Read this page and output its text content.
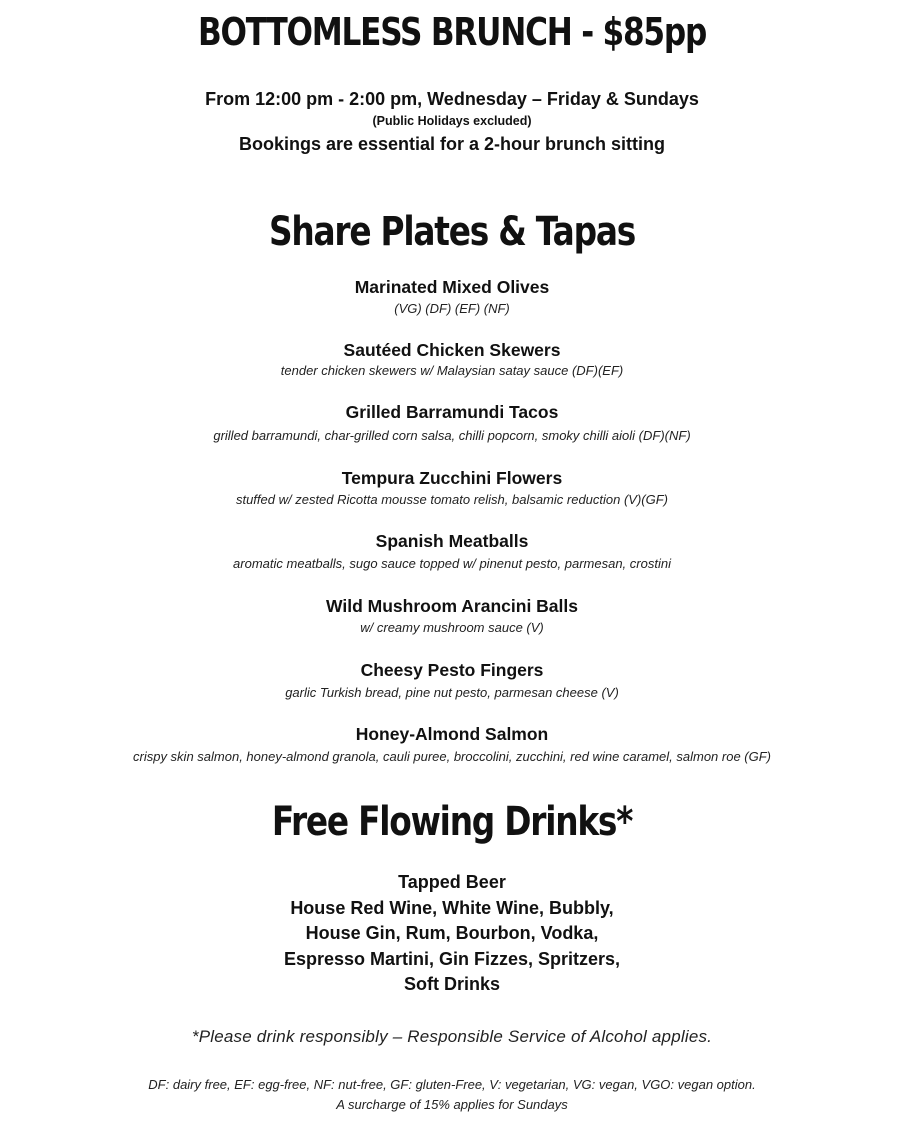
BOTTOMLESS BRUNCH - $85pp
From 12:00 pm - 2:00 pm, Wednesday – Friday & Sundays
(Public Holidays excluded)
Bookings are essential for a 2-hour brunch sitting
Share Plates & Tapas
Marinated Mixed Olives
(VG) (DF) (EF) (NF)
Sautéed Chicken Skewers
tender chicken skewers w/ Malaysian satay sauce (DF)(EF)
Grilled Barramundi Tacos
grilled barramundi, char-grilled corn salsa, chilli popcorn, smoky chilli aioli (DF)(NF)
Tempura Zucchini Flowers
stuffed w/ zested Ricotta mousse tomato relish, balsamic reduction (V)(GF)
Spanish Meatballs
aromatic meatballs, sugo sauce topped w/ pinenut pesto, parmesan, crostini
Wild Mushroom Arancini Balls
w/ creamy mushroom sauce (V)
Cheesy Pesto Fingers
garlic Turkish bread, pine nut pesto, parmesan cheese (V)
Honey-Almond Salmon
crispy skin salmon, honey-almond granola, cauli puree, broccolini, zucchini, red wine caramel, salmon roe (GF)
Free Flowing Drinks*
Tapped Beer
House Red Wine, White Wine, Bubbly,
House Gin, Rum, Bourbon, Vodka,
Espresso Martini, Gin Fizzes, Spritzers,
Soft Drinks
*Please drink responsibly – Responsible Service of Alcohol applies.
DF: dairy free, EF: egg-free, NF: nut-free, GF: gluten-Free, V: vegetarian, VG: vegan, VGO: vegan option.
A surcharge of 15% applies for Sundays
